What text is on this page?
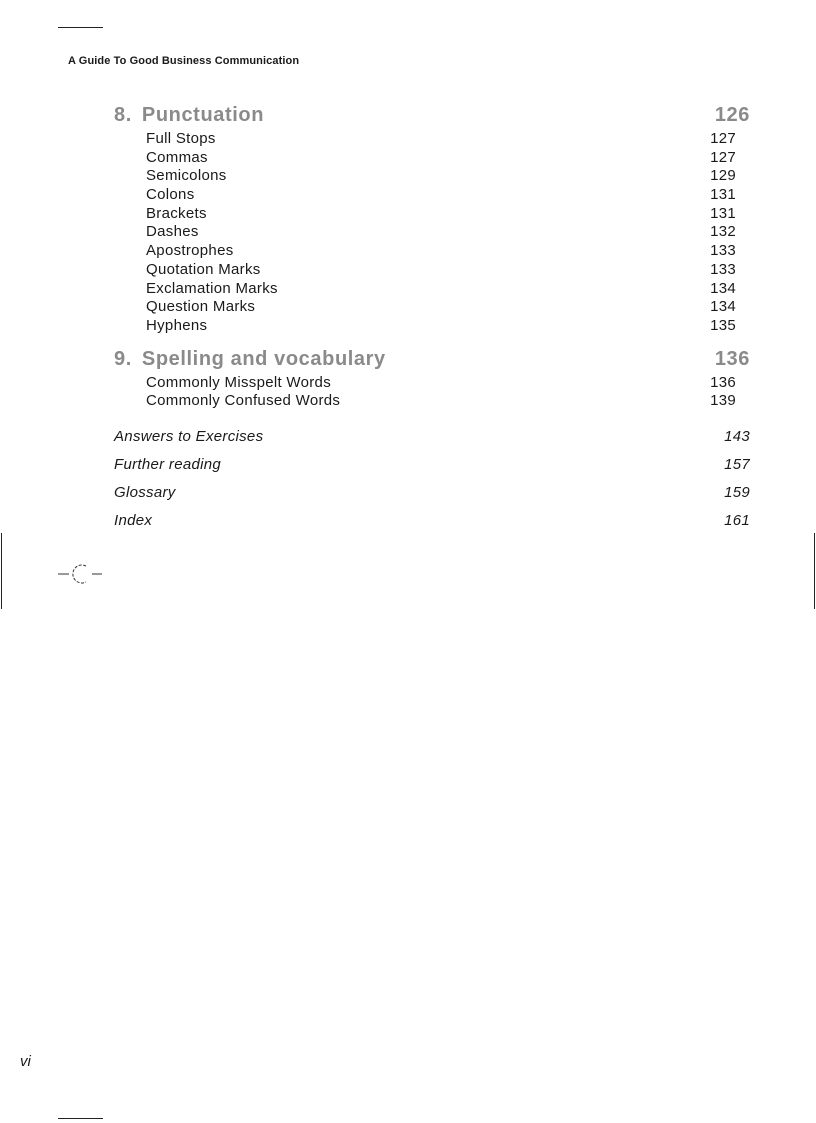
A Guide To Good Business Communication
8. Punctuation	126
Full Stops	127
Commas	127
Semicolons	129
Colons	131
Brackets	131
Dashes	132
Apostrophes	133
Quotation Marks	133
Exclamation Marks	134
Question Marks	134
Hyphens	135
9. Spelling and vocabulary	136
Commonly Misspelt Words	136
Commonly Confused Words	139
Answers to Exercises	143
Further reading	157
Glossary	159
Index	161
vi
